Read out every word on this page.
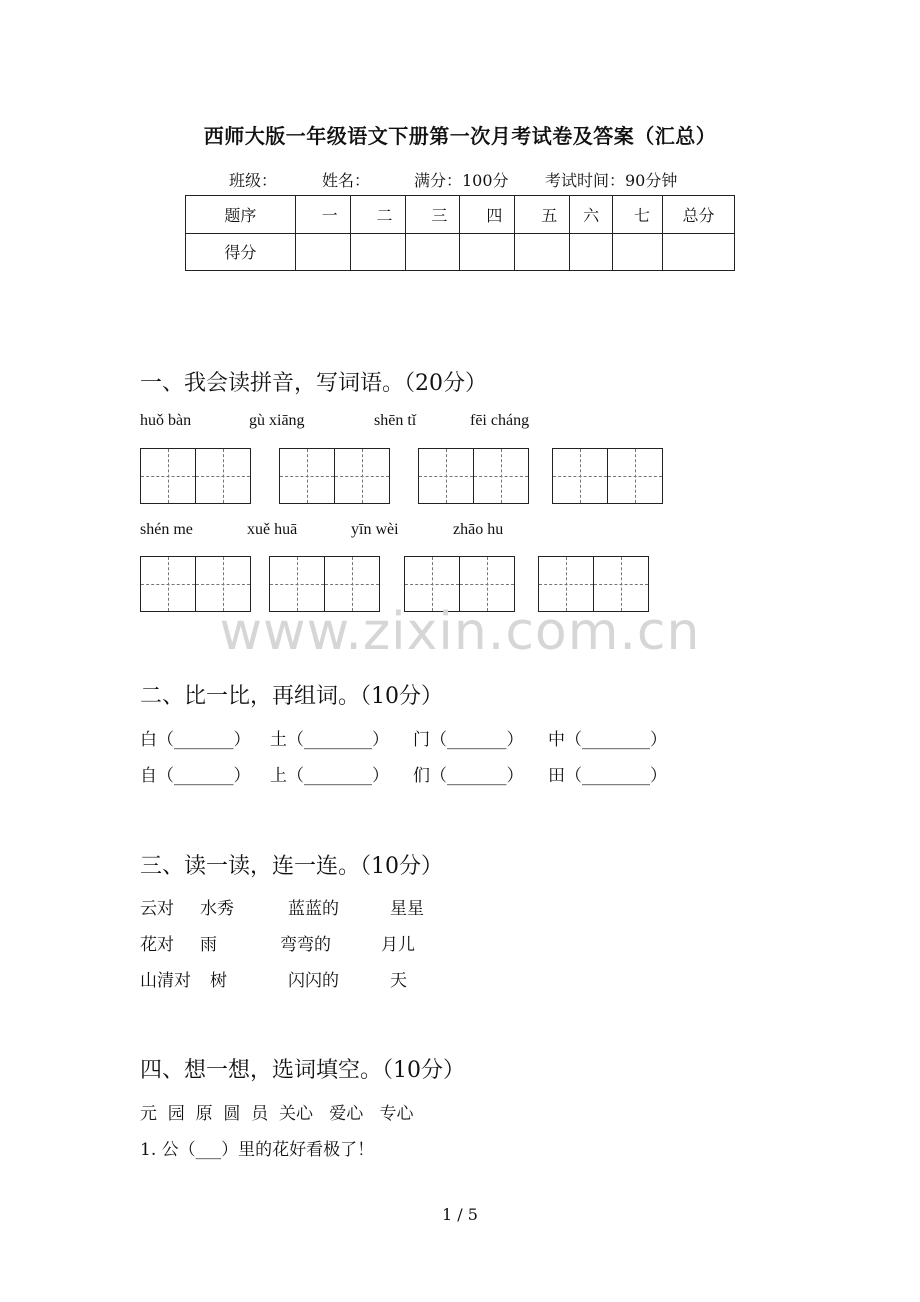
西师大版一年级语文下册第一次月考试卷及答案（汇总）
班级：	姓名：	满分：100分 考试时间：90分钟
题序	一	二	三	四	五	六	七	总分
得分								
一、我会读拼音，写词语。（20分）
huǒ bàn	gù xiāng	shēn tǐ	fēi cháng
shén me	xuě huā	yīn wèi	zhāo hu
www.zixin.com.cn
二、比一比，再组词。（10分）
白（_______） 土（________） 门（_______） 中（________）
自（_______） 上（________） 们（_______） 田（________）
三、读一读，连一连。（10分）
云对 水秀	蓝蓝的	星星
花对 雨	弯弯的	月儿
山清对 树	闪闪的	天
四、想一想，选词填空。（10分）
元  园  原  圆  员  关心   爱心   专心
1. 公（___）里的花好看极了！
1 / 5
